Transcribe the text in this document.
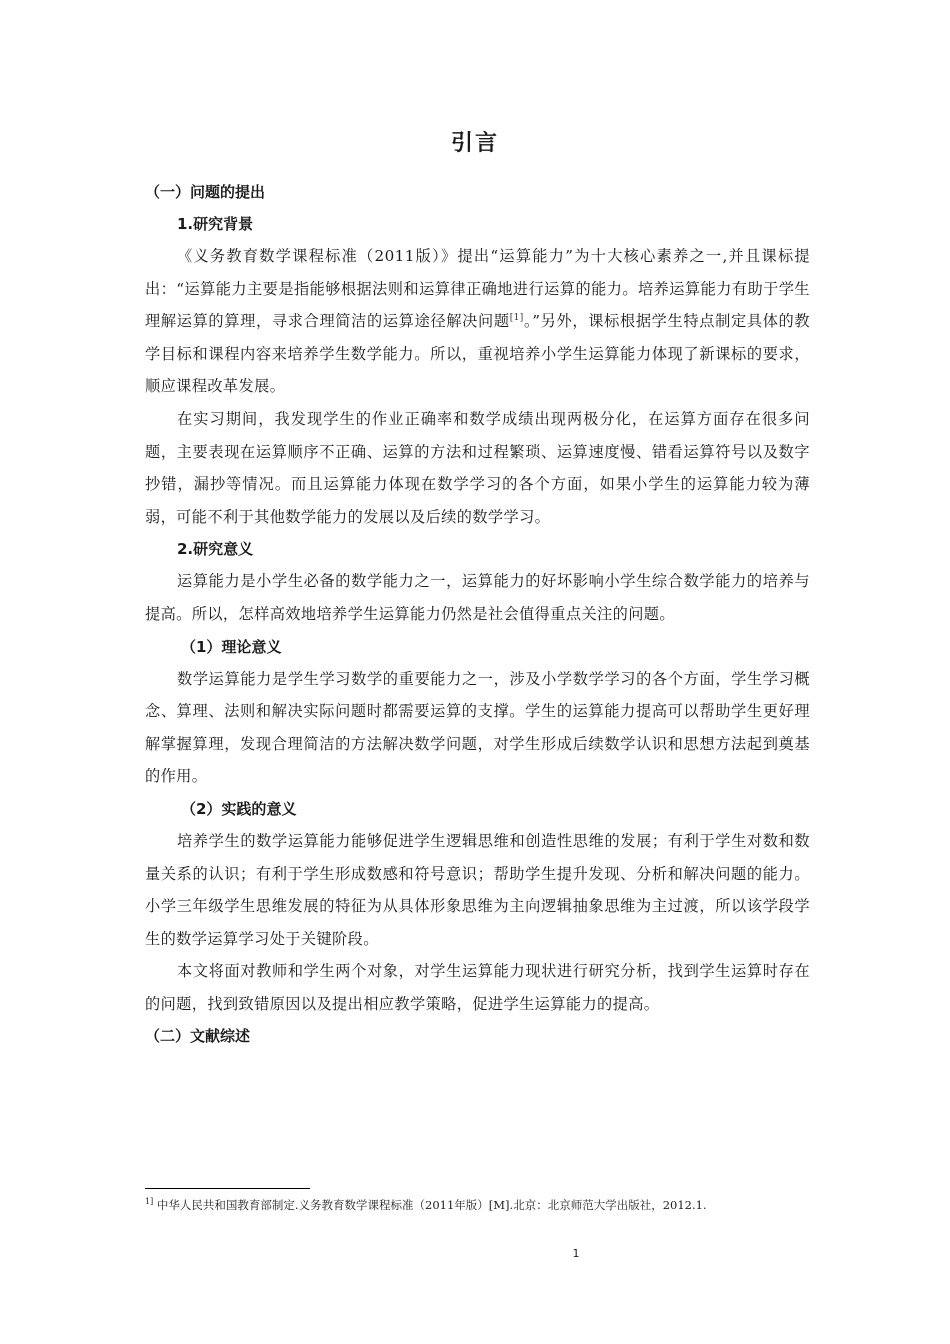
引言

（一）问题的提出

1.研究背景

《义务教育数学课程标准（2011版）》提出“运算能力”为十大核心素养之一,并且课标提出：“运算能力主要是指能够根据法则和运算律正确地进行运算的能力。培养运算能力有助于学生理解运算的算理，寻求合理简洁的运算途径解决问题[1]。”另外，课标根据学生特点制定具体的教学目标和课程内容来培养学生数学能力。所以，重视培养小学生运算能力体现了新课标的要求，顺应课程改革发展。

在实习期间，我发现学生的作业正确率和数学成绩出现两极分化，在运算方面存在很多问题，主要表现在运算顺序不正确、运算的方法和过程繁琐、运算速度慢、错看运算符号以及数字抄错，漏抄等情况。而且运算能力体现在数学学习的各个方面，如果小学生的运算能力较为薄弱，可能不利于其他数学能力的发展以及后续的数学学习。

2.研究意义

运算能力是小学生必备的数学能力之一，运算能力的好坏影响小学生综合数学能力的培养与提高。所以，怎样高效地培养学生运算能力仍然是社会值得重点关注的问题。

（1）理论意义

数学运算能力是学生学习数学的重要能力之一，涉及小学数学学习的各个方面，学生学习概念、算理、法则和解决实际问题时都需要运算的支撑。学生的运算能力提高可以帮助学生更好理解掌握算理，发现合理简洁的方法解决数学问题，对学生形成后续数学认识和思想方法起到奠基的作用。

（2）实践的意义

培养学生的数学运算能力能够促进学生逻辑思维和创造性思维的发展；有利于学生对数和数量关系的认识；有利于学生形成数感和符号意识；帮助学生提升发现、分析和解决问题的能力。小学三年级学生思维发展的特征为从具体形象思维为主向逻辑抽象思维为主过渡，所以该学段学生的数学运算学习处于关键阶段。

本文将面对教师和学生两个对象，对学生运算能力现状进行研究分析，找到学生运算时存在的问题，找到致错原因以及提出相应教学策略，促进学生运算能力的提高。

（二）文献综述

$^{1]}$ 中华人民共和国教育部制定.义务教育数学课程标准（2011年版）[M].北京：北京师范大学出版社，2012.1.
1
